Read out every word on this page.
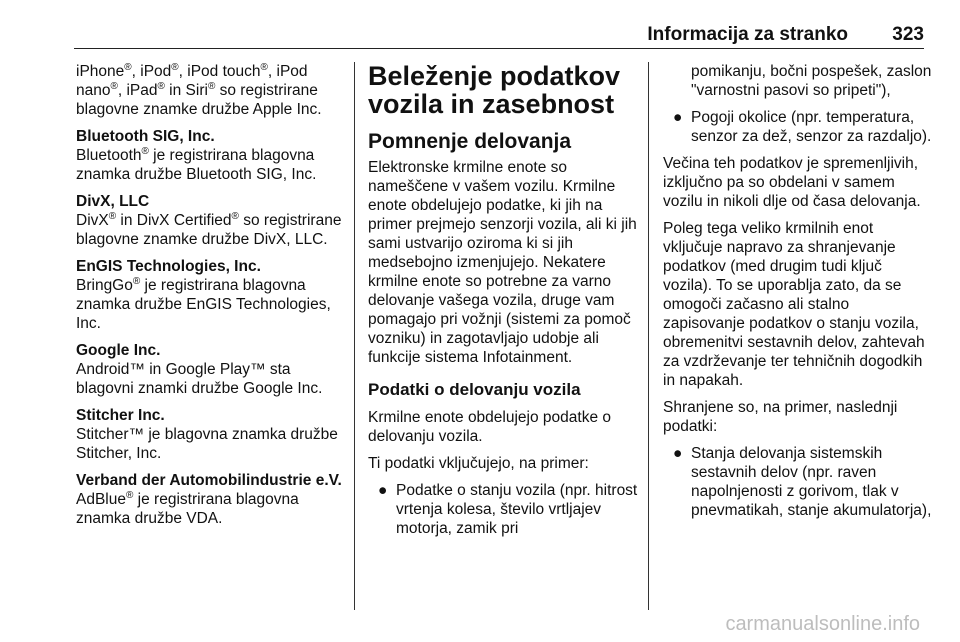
Informacija za stranko 323
iPhone®, iPod®, iPod touch®, iPod nano®, iPad® in Siri® so registrirane blagovne znamke družbe Apple Inc.
Bluetooth SIG, Inc.
Bluetooth® je registrirana blagovna znamka družbe Bluetooth SIG, Inc.
DivX, LLC
DivX® in DivX Certified® so registrirane blagovne znamke družbe DivX, LLC.
EnGIS Technologies, Inc.
BringGo® je registrirana blagovna znamka družbe EnGIS Technologies, Inc.
Google Inc.
Android™ in Google Play™ sta blagovni znamki družbe Google Inc.
Stitcher Inc.
Stitcher™ je blagovna znamka družbe Stitcher, Inc.
Verband der Automobilindustrie e.V.
AdBlue® je registrirana blagovna znamka družbe VDA.
Beleženje podatkov vozila in zasebnost
Pomnenje delovanja
Elektronske krmilne enote so nameščene v vašem vozilu. Krmilne enote obdelujejo podatke, ki jih na primer prejmejo senzorji vozila, ali ki jih sami ustvarijo oziroma ki si jih medsebojno izmenjujejo. Nekatere krmilne enote so potrebne za varno delovanje vašega vozila, druge vam pomagajo pri vožnji (sistemi za pomoč vozniku) in zagotavljajo udobje ali funkcije sistema Infotainment.
Podatki o delovanju vozila
Krmilne enote obdelujejo podatke o delovanju vozila.
Ti podatki vključujejo, na primer:
● Podatke o stanju vozila (npr. hitrost vrtenja kolesa, število vrtljajev motorja, zamik pri
pomikanju, bočni pospešek, zaslon "varnostni pasovi so pripeti"),
● Pogoji okolice (npr. temperatura, senzor za dež, senzor za razdaljo).
Večina teh podatkov je spremenljivih, izključno pa so obdelani v samem vozilu in nikoli dlje od časa delovanja.
Poleg tega veliko krmilnih enot vključuje napravo za shranjevanje podatkov (med drugim tudi ključ vozila). To se uporablja zato, da se omogoči začasno ali stalno zapisovanje podatkov o stanju vozila, obremenitvi sestavnih delov, zahtevah za vzdrževanje ter tehničnih dogodkih in napakah.
Shranjene so, na primer, naslednji podatki:
● Stanja delovanja sistemskih sestavnih delov (npr. raven napolnjenosti z gorivom, tlak v pnevmatikah, stanje akumulatorja),
carmanualsonline.info
